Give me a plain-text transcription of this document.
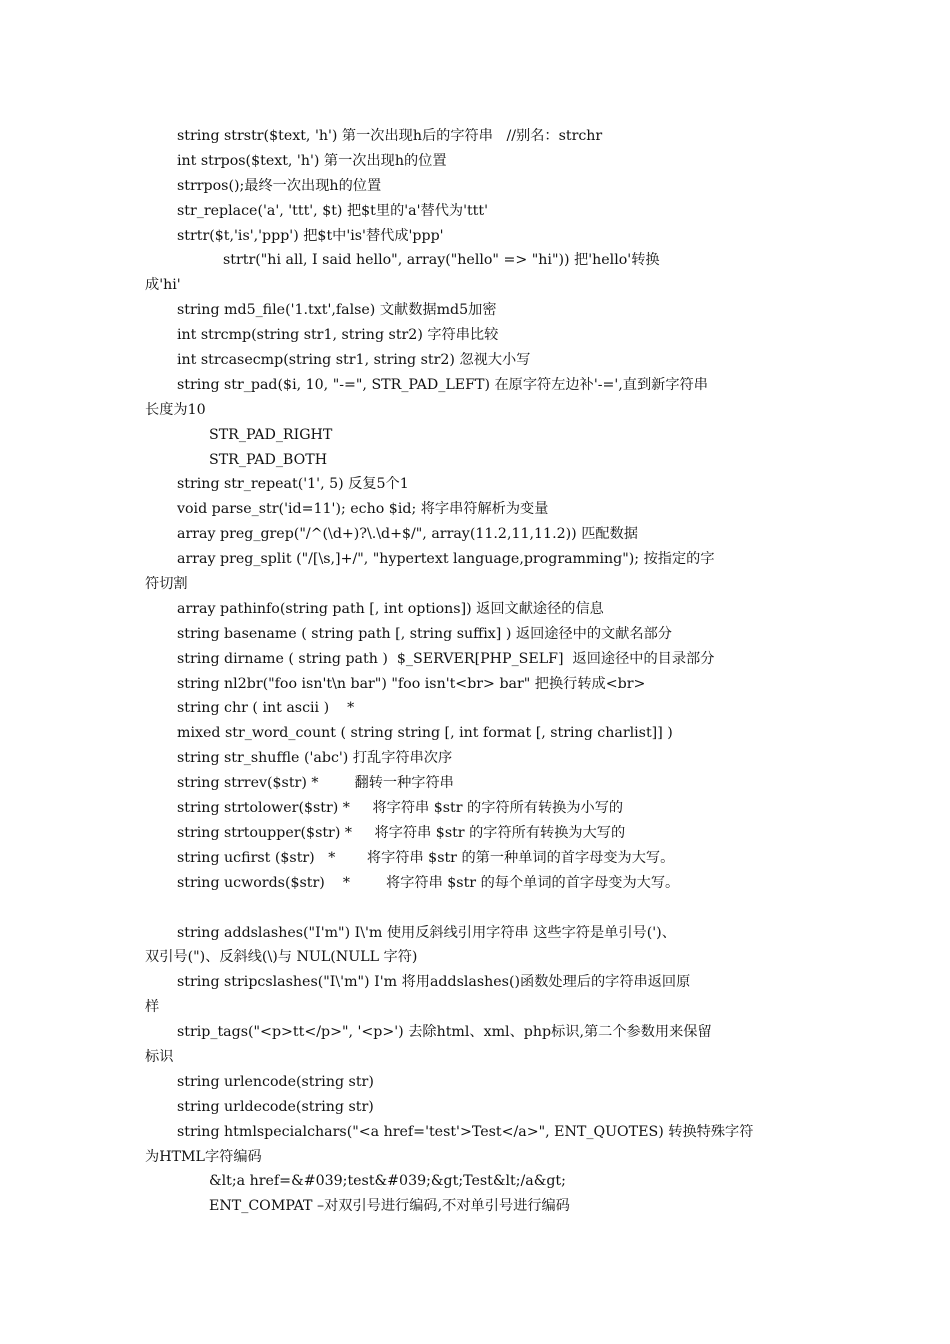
string strstr($text, 'h') 第一次出现h后的字符串   //别名：strchr
int strpos($text, 'h') 第一次出现h的位置
strrpos();最终一次出现h的位置
str_replace('a', 'ttt', $t) 把$t里的'a'替代为'ttt'
strtr($t,'is','ppp') 把$t中'is'替代成'ppp'
strtr("hi all, I said hello", array("hello" => "hi")) 把'hello'转换
成'hi'
string md5_file('1.txt',false) 文献数据md5加密
int strcmp(string str1, string str2) 字符串比较
int strcasecmp(string str1, string str2) 忽视大小写
string str_pad($i, 10, "-=", STR_PAD_LEFT) 在原字符左边补'-=',直到新字符串
长度为10
STR_PAD_RIGHT
STR_PAD_BOTH
string str_repeat('1', 5) 反复5个1
void parse_str('id=11'); echo $id; 将字串符解析为变量
array preg_grep("/^(\d+)?\.\d+$/", array(11.2,11,11.2)) 匹配数据
array preg_split ("/[\s,]+/", "hypertext language,programming"); 按指定的字
符切割
array pathinfo(string path [, int options]) 返回文献途径的信息
string basename ( string path [, string suffix] ) 返回途径中的文献名部分
string dirname ( string path )  $_SERVER[PHP_SELF]  返回途径中的目录部分
string nl2br("foo isn't\n bar") "foo isn't<br> bar" 把换行转成<br>
string chr ( int ascii )    *
mixed str_word_count ( string string [, int format [, string charlist]] )
string str_shuffle ('abc') 打乱字符串次序
string strrev($str) *        翻转一种字符串
string strtolower($str) *     将字符串 $str 的字符所有转换为小写的
string strtoupper($str) *     将字符串 $str 的字符所有转换为大写的
string ucfirst ($str)   *       将字符串 $str 的第一种单词的首字母变为大写。
string ucwords($str)    *        将字符串 $str 的每个单词的首字母变为大写。
string addslashes("I'm") I\'m 使用反斜线引用字符串 这些字符是单引号(')、
双引号(")、反斜线(\)与 NUL(NULL 字符)
string stripcslashes("I\'m") I'm 将用addslashes()函数处理后的字符串返回原
样
strip_tags("<p>tt</p>", '<p>') 去除html、xml、php标识,第二个参数用来保留
标识
string urlencode(string str)
string urldecode(string str)
string htmlspecialchars("<a href='test'>Test</a>", ENT_QUOTES) 转换特殊字符
为HTML字符编码
&lt;a href=&#039;test&#039;&gt;Test&lt;/a&gt;
ENT_COMPAT –对双引号进行编码,不对单引号进行编码
